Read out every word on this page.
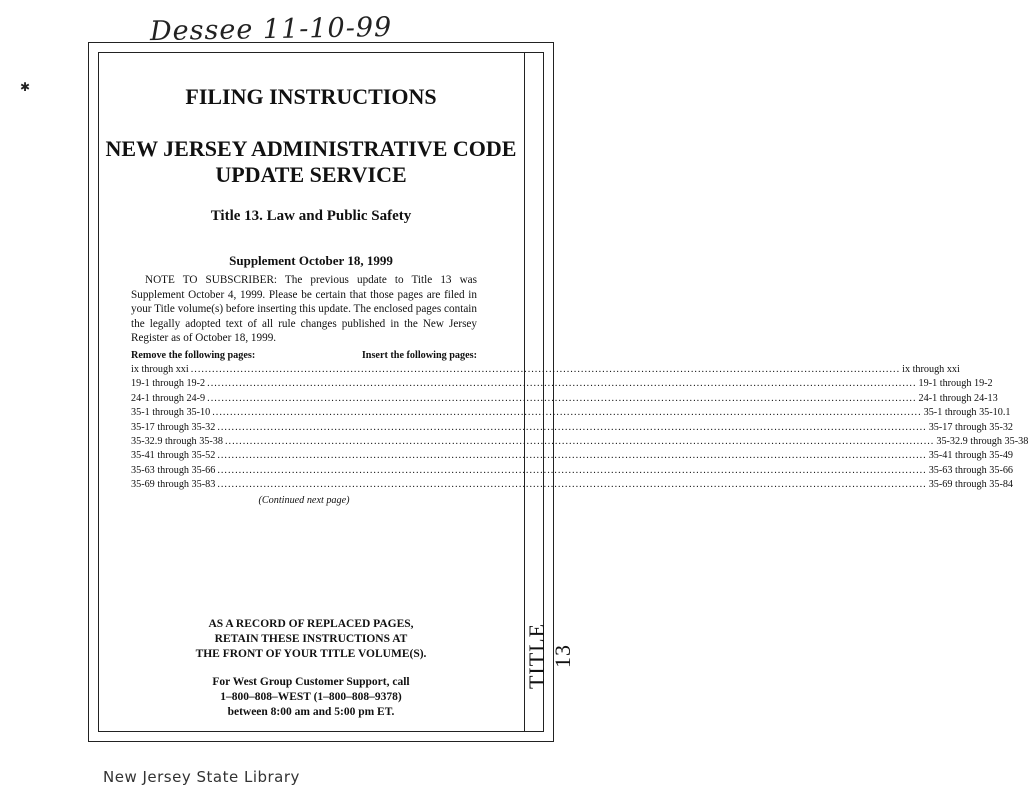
Dessee 11-10-99
✱
TITLE 13
FILING INSTRUCTIONS
NEW JERSEY ADMINISTRATIVE CODE
UPDATE SERVICE
Title 13. Law and Public Safety
Supplement October 18, 1999
NOTE TO SUBSCRIBER: The previous update to Title 13 was Supplement October 4, 1999. Please be certain that those pages are filed in your Title volume(s) before inserting this update. The enclosed pages contain the legally adopted text of all rule changes published in the New Jersey Register as of October 18, 1999.
Remove the following pages:	Insert the following pages:
ix through xxi ........................................................................................................................................................................................................ ix through xxi
19-1 through 19-2 ........................................................................................................................................................................................................ 19-1 through 19-2
24-1 through 24-9 ........................................................................................................................................................................................................ 24-1 through 24-13
35-1 through 35-10 ........................................................................................................................................................................................................ 35-1 through 35-10.1
35-17 through 35-32 ........................................................................................................................................................................................................ 35-17 through 35-32
35-32.9 through 35-38 ........................................................................................................................................................................................................ 35-32.9 through 35-38
35-41 through 35-52 ........................................................................................................................................................................................................ 35-41 through 35-49
35-63 through 35-66 ........................................................................................................................................................................................................ 35-63 through 35-66
35-69 through 35-83 ........................................................................................................................................................................................................ 35-69 through 35-84
(Continued next page)
AS A RECORD OF REPLACED PAGES,
RETAIN THESE INSTRUCTIONS AT
THE FRONT OF YOUR TITLE VOLUME(S).
For West Group Customer Support, call
1–800–808–WEST (1–800–808–9378)
between 8:00 am and 5:00 pm ET.
New Jersey State Library
